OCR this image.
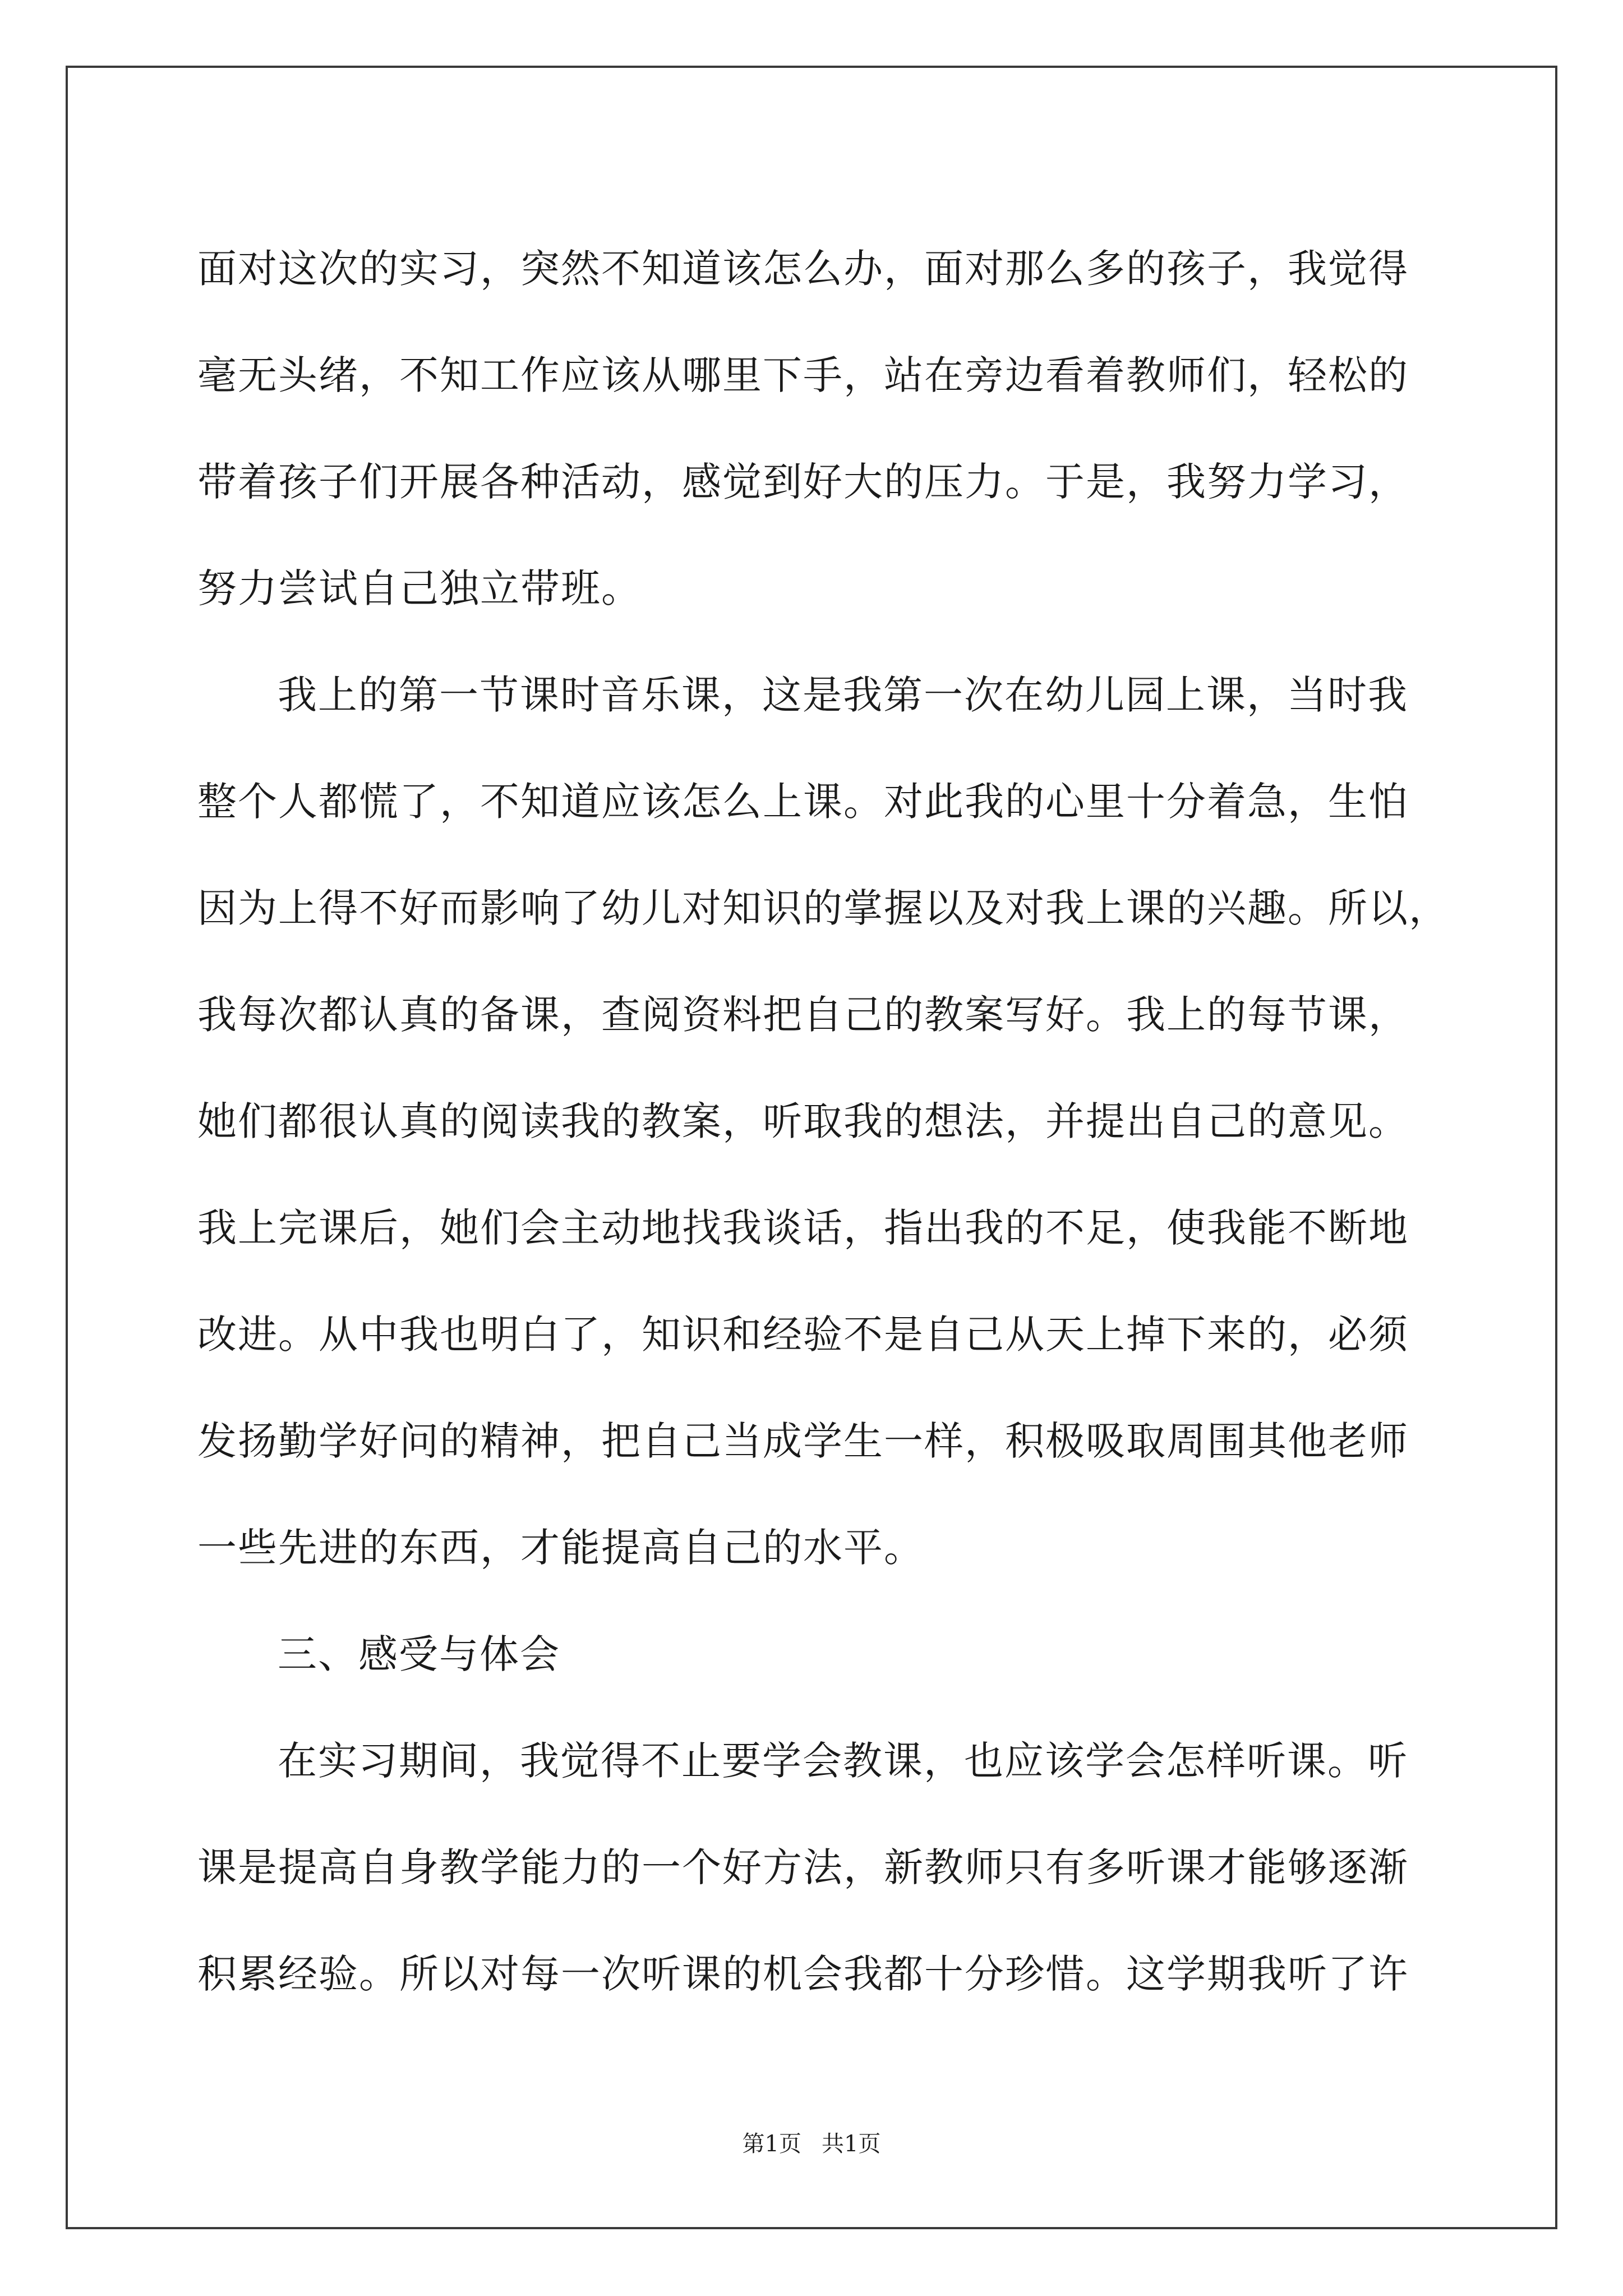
面对这次的实习，突然不知道该怎么办，面对那么多的孩子，我觉得
毫无头绪，不知工作应该从哪里下手，站在旁边看着教师们，轻松的
带着孩子们开展各种活动，感觉到好大的压力。于是，我努力学习，
努力尝试自己独立带班。
我上的第一节课时音乐课，这是我第一次在幼儿园上课，当时我
整个人都慌了，不知道应该怎么上课。对此我的心里十分着急，生怕
因为上得不好而影响了幼儿对知识的掌握以及对我上课的兴趣。所以，
我每次都认真的备课，查阅资料把自己的教案写好。我上的每节课，
她们都很认真的阅读我的教案，听取我的想法，并提出自己的意见。
我上完课后，她们会主动地找我谈话，指出我的不足，使我能不断地
改进。从中我也明白了，知识和经验不是自己从天上掉下来的，必须
发扬勤学好问的精神，把自己当成学生一样，积极吸取周围其他老师
一些先进的东西，才能提高自己的水平。
三、感受与体会
在实习期间，我觉得不止要学会教课，也应该学会怎样听课。听
课是提高自身教学能力的一个好方法，新教师只有多听课才能够逐渐
积累经验。所以对每一次听课的机会我都十分珍惜。这学期我听了许
第1页 共1页
